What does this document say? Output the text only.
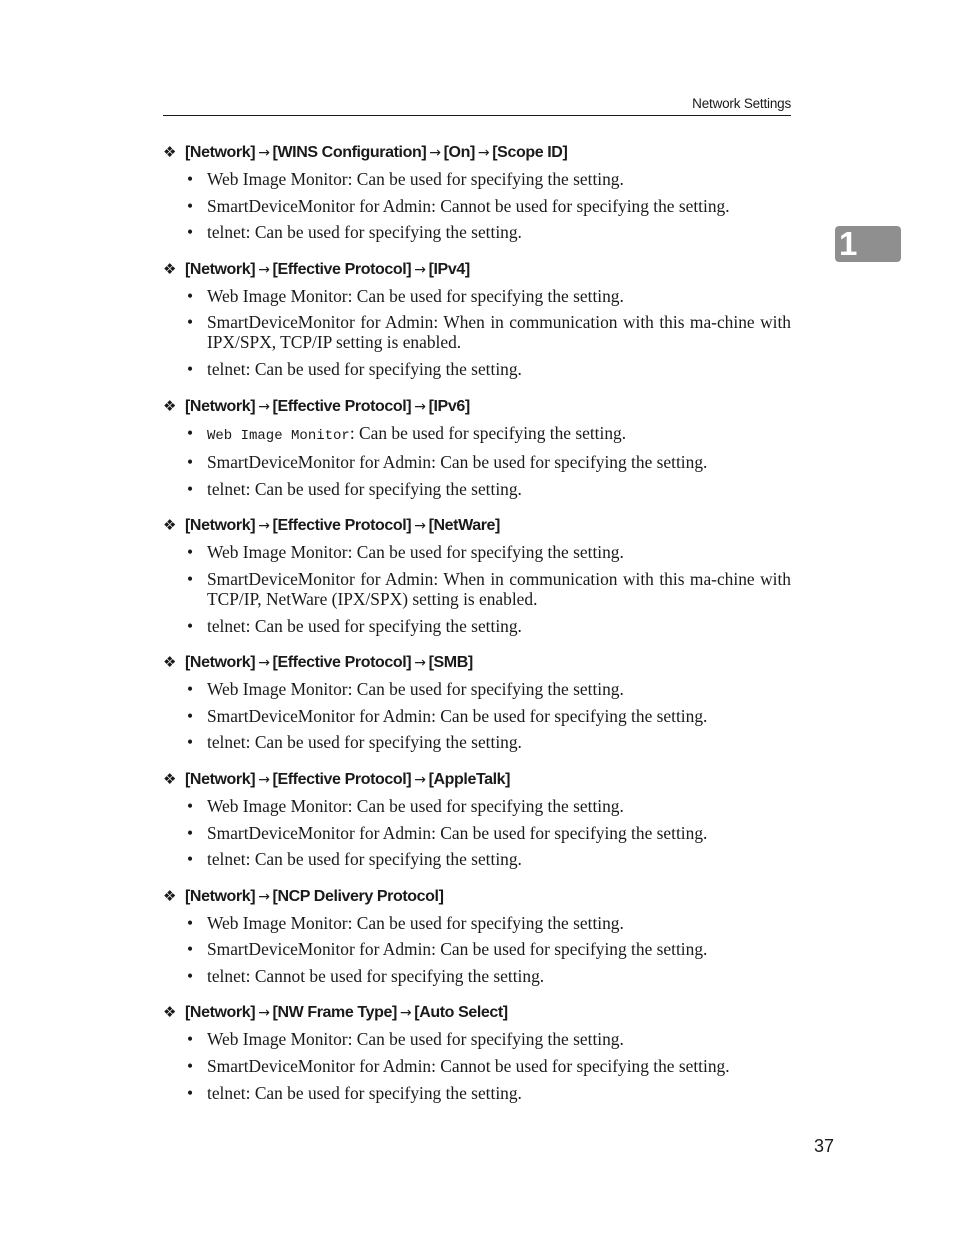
Network Settings
1
❖ [Network] → [WINS Configuration] → [On] → [Scope ID]
• Web Image Monitor: Can be used for specifying the setting.
• SmartDeviceMonitor for Admin: Cannot be used for specifying the setting.
• telnet: Can be used for specifying the setting.
❖ [Network] → [Effective Protocol] → [IPv4]
• Web Image Monitor: Can be used for specifying the setting.
• SmartDeviceMonitor for Admin: When in communication with this ma-chine with IPX/SPX, TCP/IP setting is enabled.
• telnet: Can be used for specifying the setting.
❖ [Network] → [Effective Protocol] → [IPv6]
• Web Image Monitor: Can be used for specifying the setting.
• SmartDeviceMonitor for Admin: Can be used for specifying the setting.
• telnet: Can be used for specifying the setting.
❖ [Network] → [Effective Protocol] → [NetWare]
• Web Image Monitor: Can be used for specifying the setting.
• SmartDeviceMonitor for Admin: When in communication with this ma-chine with TCP/IP, NetWare (IPX/SPX) setting is enabled.
• telnet: Can be used for specifying the setting.
❖ [Network] → [Effective Protocol] → [SMB]
• Web Image Monitor: Can be used for specifying the setting.
• SmartDeviceMonitor for Admin: Can be used for specifying the setting.
• telnet: Can be used for specifying the setting.
❖ [Network] → [Effective Protocol] → [AppleTalk]
• Web Image Monitor: Can be used for specifying the setting.
• SmartDeviceMonitor for Admin: Can be used for specifying the setting.
• telnet: Can be used for specifying the setting.
❖ [Network] → [NCP Delivery Protocol]
• Web Image Monitor: Can be used for specifying the setting.
• SmartDeviceMonitor for Admin: Can be used for specifying the setting.
• telnet: Cannot be used for specifying the setting.
❖ [Network] → [NW Frame Type] → [Auto Select]
• Web Image Monitor: Can be used for specifying the setting.
• SmartDeviceMonitor for Admin: Cannot be used for specifying the setting.
• telnet: Can be used for specifying the setting.
37
